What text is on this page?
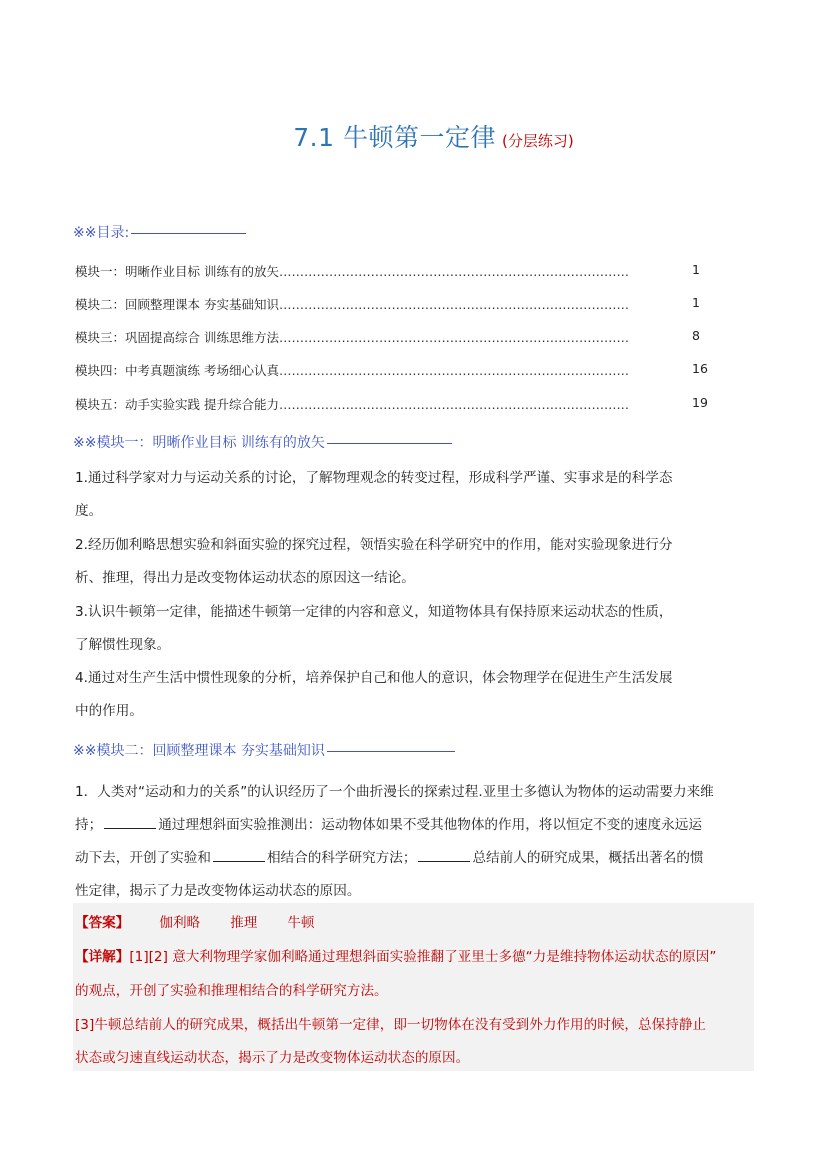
7.1 牛顿第一定律 (分层练习)
※※目录:
模块一：明晰作业目标 训练有的放矢…………………………………………………………………………	1
模块二：回顾整理课本 夯实基础知识…………………………………………………………………………	1
模块三：巩固提高综合 训练思维方法…………………………………………………………………………	8
模块四：中考真题演练 考场细心认真…………………………………………………………………………	16
模块五：动手实验实践 提升综合能力…………………………………………………………………………	19
※※模块一：明晰作业目标 训练有的放矢
1.通过科学家对力与运动关系的讨论，了解物理观念的转变过程，形成科学严谨、实事求是的科学态
度。
2.经历伽利略思想实验和斜面实验的探究过程，领悟实验在科学研究中的作用，能对实验现象进行分
析、推理，得出力是改变物体运动状态的原因这一结论。
3.认识牛顿第一定律，能描述牛顿第一定律的内容和意义，知道物体具有保持原来运动状态的性质，
了解惯性现象。
4.通过对生产生活中惯性现象的分析，培养保护自己和他人的意识，体会物理学在促进生产生活发展
中的作用。
※※模块二：回顾整理课本 夯实基础知识
1．人类对“运动和力的关系”的认识经历了一个曲折漫长的探索过程.亚里士多德认为物体的运动需要力来维
持；	通过理想斜面实验推测出：运动物体如果不受其他物体的作用，将以恒定不变的速度永远运
动下去，开创了实验和	相结合的科学研究方法；	总结前人的研究成果，概括出著名的惯
性定律，揭示了力是改变物体运动状态的原因。
【答案】 伽利略 推理 牛顿
【详解】[1][2] 意大利物理学家伽利略通过理想斜面实验推翻了亚里士多德“力是维持物体运动状态的原因”
的观点，开创了实验和推理相结合的科学研究方法。
[3]牛顿总结前人的研究成果，概括出牛顿第一定律，即一切物体在没有受到外力作用的时候，总保持静止
状态或匀速直线运动状态，揭示了力是改变物体运动状态的原因。
